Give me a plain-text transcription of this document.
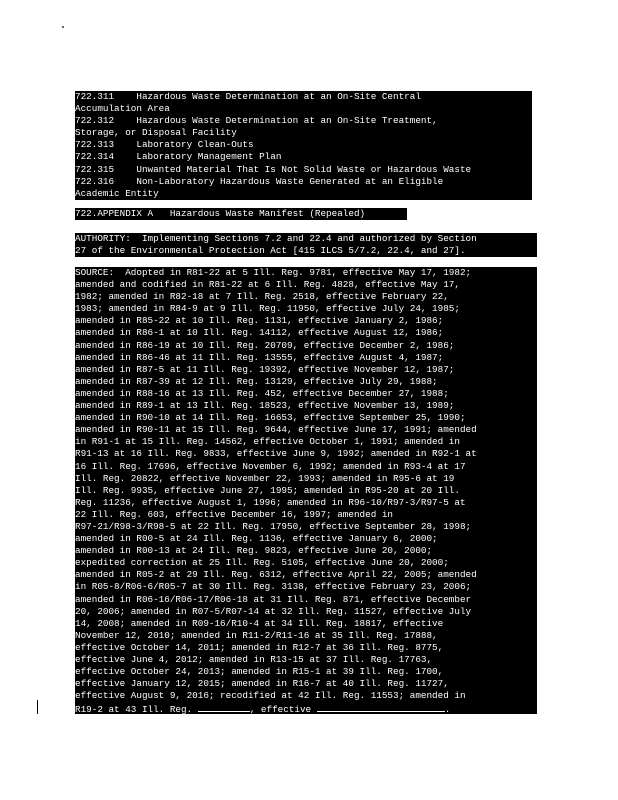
722.311    Hazardous Waste Determination at an On-Site Central
Accumulation Area
722.312    Hazardous Waste Determination at an On-Site Treatment,
Storage, or Disposal Facility
722.313    Laboratory Clean-Outs
722.314    Laboratory Management Plan
722.315    Unwanted Material That Is Not Solid Waste or Hazardous Waste
722.316    Non-Laboratory Hazardous Waste Generated at an Eligible
Academic Entity
722.APPENDIX A   Hazardous Waste Manifest (Repealed)
AUTHORITY:  Implementing Sections 7.2 and 22.4 and authorized by Section
27 of the Environmental Protection Act [415 ILCS 5/7.2, 22.4, and 27].
SOURCE:  Adopted in R81-22 at 5 Ill. Reg. 9781, effective May 17, 1982;
amended and codified in R81-22 at 6 Ill. Reg. 4828, effective May 17,
1982; amended in R82-18 at 7 Ill. Reg. 2518, effective February 22,
1983; amended in R84-9 at 9 Ill. Reg. 11950, effective July 24, 1985;
amended in R85-22 at 10 Ill. Reg. 1131, effective January 2, 1986;
amended in R86-1 at 10 Ill. Reg. 14112, effective August 12, 1986;
amended in R86-19 at 10 Ill. Reg. 20709, effective December 2, 1986;
amended in R86-46 at 11 Ill. Reg. 13555, effective August 4, 1987;
amended in R87-5 at 11 Ill. Reg. 19392, effective November 12, 1987;
amended in R87-39 at 12 Ill. Reg. 13129, effective July 29, 1988;
amended in R88-16 at 13 Ill. Reg. 452, effective December 27, 1988;
amended in R89-1 at 13 Ill. Reg. 18523, effective November 13, 1989;
amended in R90-10 at 14 Ill. Reg. 16653, effective September 25, 1990;
amended in R90-11 at 15 Ill. Reg. 9644, effective June 17, 1991; amended
in R91-1 at 15 Ill. Reg. 14562, effective October 1, 1991; amended in
R91-13 at 16 Ill. Reg. 9833, effective June 9, 1992; amended in R92-1 at
16 Ill. Reg. 17696, effective November 6, 1992; amended in R93-4 at 17
Ill. Reg. 20822, effective November 22, 1993; amended in R95-6 at 19
Ill. Reg. 9935, effective June 27, 1995; amended in R95-20 at 20 Ill.
Reg. 11236, effective August 1, 1996; amended in R96-10/R97-3/R97-5 at
22 Ill. Reg. 603, effective December 16, 1997; amended in
R97-21/R98-3/R98-5 at 22 Ill. Reg. 17950, effective September 28, 1998;
amended in R00-5 at 24 Ill. Reg. 1136, effective January 6, 2000;
amended in R00-13 at 24 Ill. Reg. 9823, effective June 20, 2000;
expedited correction at 25 Ill. Reg. 5105, effective June 20, 2000;
amended in R05-2 at 29 Ill. Reg. 6312, effective April 22, 2005; amended
in R05-8/R06-6/R05-7 at 30 Ill. Reg. 3138, effective February 23, 2006;
amended in R06-16/R06-17/R06-18 at 31 Ill. Reg. 871, effective December
20, 2006; amended in R07-5/R07-14 at 32 Ill. Reg. 11527, effective July
14, 2008; amended in R09-16/R10-4 at 34 Ill. Reg. 18817, effective
November 12, 2010; amended in R11-2/R11-16 at 35 Ill. Reg. 17888,
effective October 14, 2011; amended in R12-7 at 36 Ill. Reg. 8775,
effective June 4, 2012; amended in R13-15 at 37 Ill. Reg. 17763,
effective October 24, 2013; amended in R15-1 at 39 Ill. Reg. 1700,
effective January 12, 2015; amended in R16-7 at 40 Ill. Reg. 11727,
effective August 9, 2016; recodified at 42 Ill. Reg. 11553; amended in
R19-2 at 43 Ill. Reg.	, effective	.
